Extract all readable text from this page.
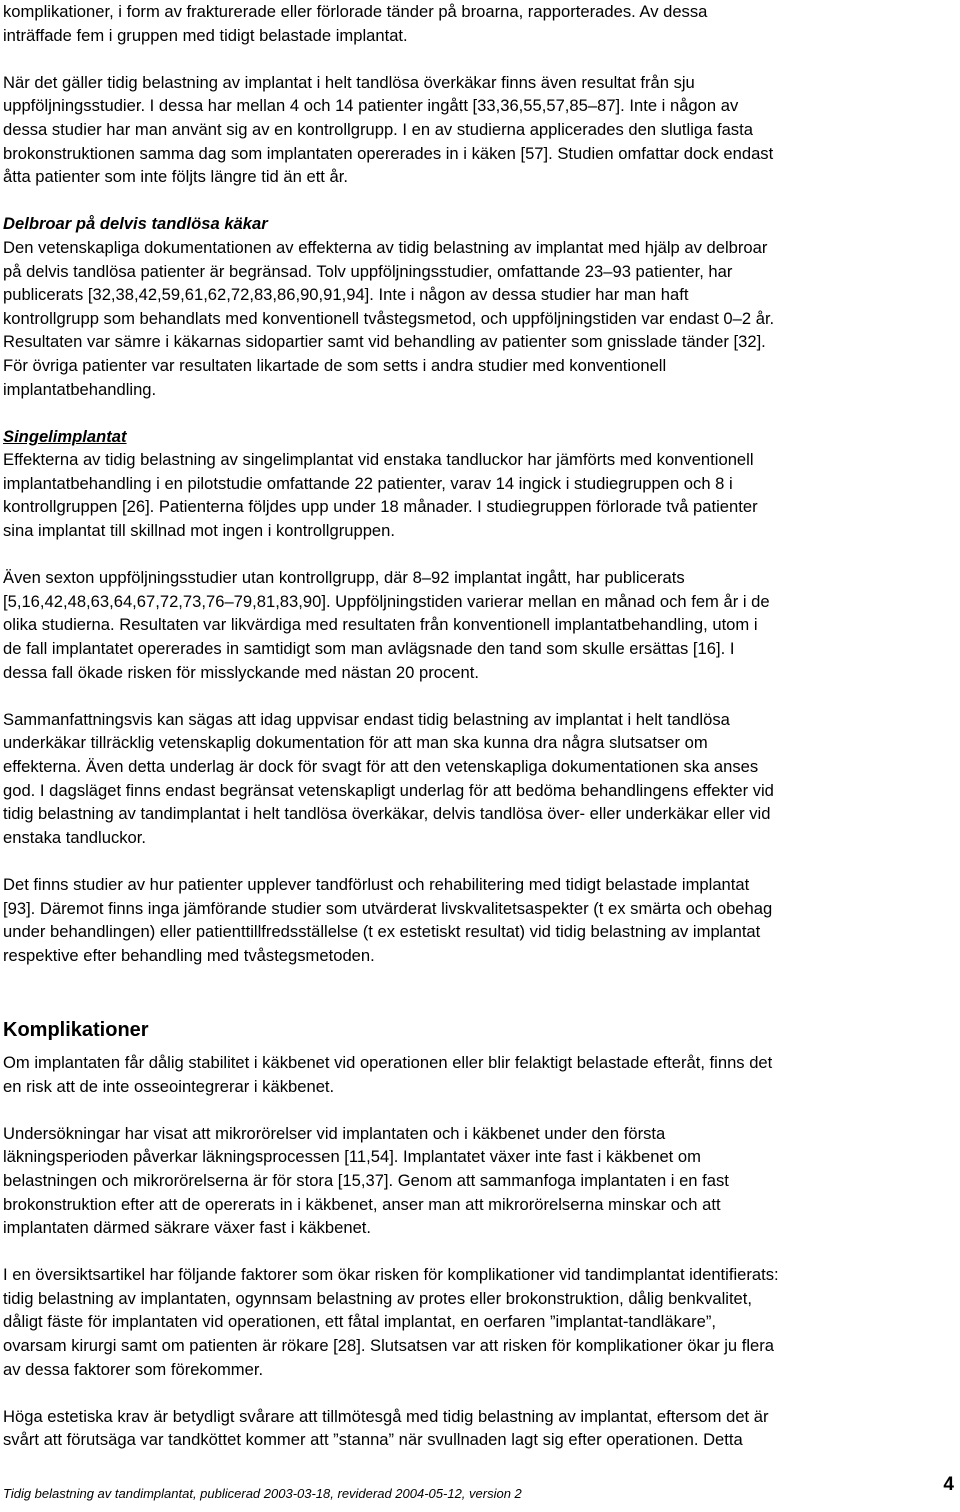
komplikationer, i form av frakturerade eller förlorade tänder på broarna, rapporterades. Av dessa
inträffade fem i gruppen med tidigt belastade implantat.
När det gäller tidig belastning av implantat i helt tandlösa överkäkar finns även resultat från sju
uppföljningsstudier. I dessa har mellan 4 och 14 patienter ingått [33,36,55,57,85–87]. Inte i någon av
dessa studier har man använt sig av en kontrollgrupp. I en av studierna applicerades den slutliga fasta
brokonstruktionen samma dag som implantaten opererades in i käken [57]. Studien omfattar dock endast
åtta patienter som inte följts längre tid än ett år.
Delbroar på delvis tandlösa käkar
Den vetenskapliga dokumentationen av effekterna av tidig belastning av implantat med hjälp av delbroar
på delvis tandlösa patienter är begränsad. Tolv uppföljningsstudier, omfattande 23–93 patienter, har
publicerats [32,38,42,59,61,62,72,83,86,90,91,94]. Inte i någon av dessa studier har man haft
kontrollgrupp som behandlats med konventionell tvåstegsmetod, och uppföljningstiden var endast 0–2 år.
Resultaten var sämre i käkarnas sidopartier samt vid behandling av patienter som gnisslade tänder [32].
För övriga patienter var resultaten likartade de som setts i andra studier med konventionell
implantatbehandling.
Singelimplantat
Effekterna av tidig belastning av singelimplantat vid enstaka tandluckor har jämförts med konventionell
implantatbehandling i en pilotstudie omfattande 22 patienter, varav 14 ingick i studiegruppen och 8 i
kontrollgruppen [26]. Patienterna följdes upp under 18 månader. I studiegruppen förlorade två patienter
sina implantat till skillnad mot ingen i kontrollgruppen.
Även sexton uppföljningsstudier utan kontrollgrupp, där 8–92 implantat ingått, har publicerats
[5,16,42,48,63,64,67,72,73,76–79,81,83,90]. Uppföljningstiden varierar mellan en månad och fem år i de
olika studierna. Resultaten var likvärdiga med resultaten från konventionell implantatbehandling, utom i
de fall implantatet opererades in samtidigt som man avlägsnade den tand som skulle ersättas [16]. I
dessa fall ökade risken för misslyckande med nästan 20 procent.
Sammanfattningsvis kan sägas att idag uppvisar endast tidig belastning av implantat i helt tandlösa
underkäkar tillräcklig vetenskaplig dokumentation för att man ska kunna dra några slutsatser om
effekterna. Även detta underlag är dock för svagt för att den vetenskapliga dokumentationen ska anses
god. I dagsläget finns endast begränsat vetenskapligt underlag för att bedöma behandlingens effekter vid
tidig belastning av tandimplantat i helt tandlösa överkäkar, delvis tandlösa över- eller underkäkar eller vid
enstaka tandluckor.
Det finns studier av hur patienter upplever tandförlust och rehabilitering med tidigt belastade implantat
[93]. Däremot finns inga jämförande studier som utvärderat livskvalitetsaspekter (t ex smärta och obehag
under behandlingen) eller patienttillfredsställelse (t ex estetiskt resultat) vid tidig belastning av implantat
respektive efter behandling med tvåstegsmetoden.
Komplikationer
Om implantaten får dålig stabilitet i käkbenet vid operationen eller blir felaktigt belastade efteråt, finns det
en risk att de inte osseointegrerar i käkbenet.
Undersökningar har visat att mikrorörelser vid implantaten och i käkbenet under den första
läkningsperioden påverkar läkningsprocessen [11,54]. Implantatet växer inte fast i käkbenet om
belastningen och mikrorörelserna är för stora [15,37]. Genom att sammanfoga implantaten i en fast
brokonstruktion efter att de opererats in i käkbenet, anser man att mikrorörelserna minskar och att
implantaten därmed säkrare växer fast i käkbenet.
I en översiktsartikel har följande faktorer som ökar risken för komplikationer vid tandimplantat identifierats:
tidig belastning av implantaten, ogynnsam belastning av protes eller brokonstruktion, dålig benkvalitet,
dåligt fäste för implantaten vid operationen, ett fåtal implantat, en oerfaren ”implantat-tandläkare”,
ovarsam kirurgi samt om patienten är rökare [28]. Slutsatsen var att risken för komplikationer ökar ju flera
av dessa faktorer som förekommer.
Höga estetiska krav är betydligt svårare att tillmötesgå med tidig belastning av implantat, eftersom det är
svårt att förutsäga var tandköttet kommer att ”stanna” när svullnaden lagt sig efter operationen. Detta
Tidig belastning av tandimplantat, publicerad 2003-03-18, reviderad 2004-05-12, version 2	4
